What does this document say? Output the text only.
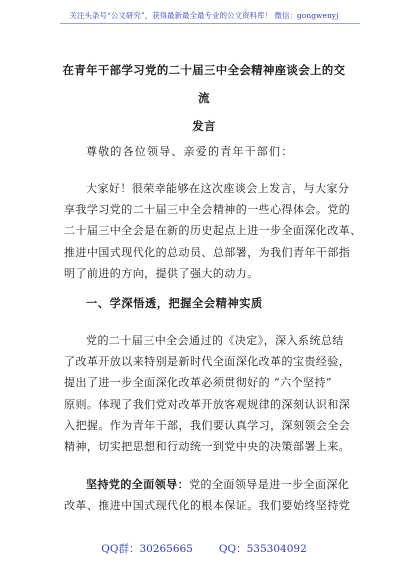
关注头条号“公文研究”，获得最新最全最专业的公文资料库！ 微信：gongwenyj
在青年干部学习党的二十届三中全会精神座谈会上的交流
发言
尊敬的各位领导、亲爱的青年干部们：
大家好！很荣幸能够在这次座谈会上发言，与大家分
享我学习党的二十届三中全会精神的一些心得体会。党的
二十届三中全会是在新的历史起点上进一步全面深化改革、
推进中国式现代化的总动员、总部署，为我们青年干部指
明了前进的方向，提供了强大的动力。
一、学深悟透，把握全会精神实质
党的二十届三中全会通过的《决定》，深入系统总结
了改革开放以来特别是新时代全面深化改革的宝贵经验，
提出了进一步全面深化改革必须贯彻好的 “六个坚持”
原则。体现了我们党对改革开放客观规律的深刻认识和深
入把握。作为青年干部，我们要认真学习，深刻领会全会
精神，切实把思想和行动统一到党中央的决策部署上来。
坚持党的全面领导：党的全面领导是进一步全面深化
改革、推进中国式现代化的根本保证。我们要始终坚持党
QQ群：30265665 QQ：535304092
